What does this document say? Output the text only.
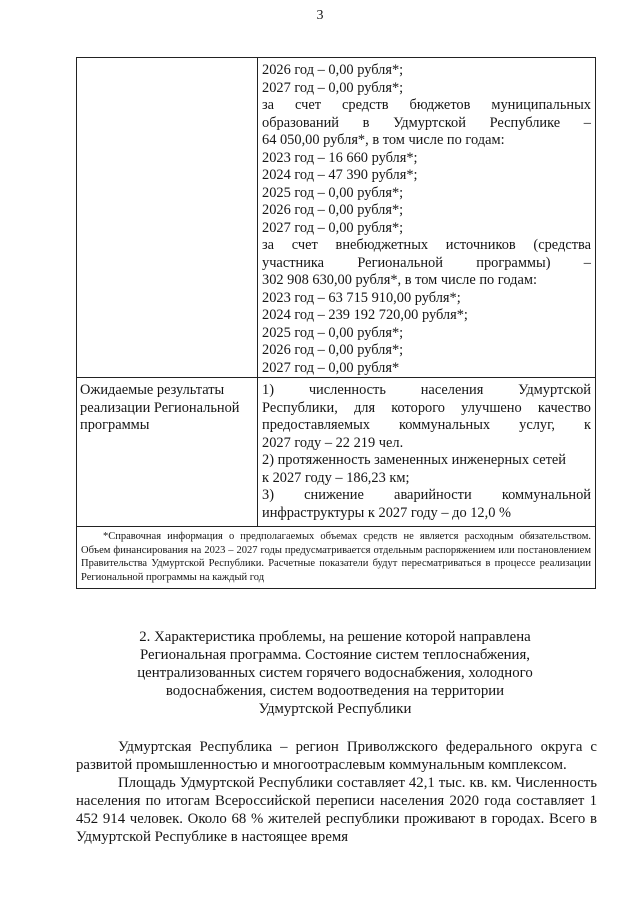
3
2026 год – 0,00 рубля*;
2027 год – 0,00 рубля*;
за счет средств бюджетов муниципальных
образований в Удмуртской Республике –
64 050,00 рубля*, в том числе по годам:
2023 год – 16 660 рубля*;
2024 год – 47 390 рубля*;
2025 год – 0,00 рубля*;
2026 год – 0,00 рубля*;
2027 год – 0,00 рубля*;
за счет внебюджетных источников (средства
участника Региональной программы) –
302 908 630,00 рубля*, в том числе по годам:
2023 год – 63 715 910,00 рубля*;
2024 год – 239 192 720,00 рубля*;
2025 год – 0,00 рубля*;
2026 год – 0,00 рубля*;
2027 год – 0,00 рубля*
Ожидаемые результаты реализации Региональной программы
1) численность населения Удмуртской
Республики, для которого улучшено качество
предоставляемых коммунальных услуг, к
2027 году – 22 219 чел.
2) протяженность замененных инженерных сетей
к 2027 году – 186,23 км;
3) снижение аварийности коммунальной
инфраструктуры к 2027 году – до 12,0 %
*Справочная информация о предполагаемых объемах средств не является расходным обязательством. Объем финансирования на 2023 – 2027 годы предусматривается отдельным распоряжением или постановлением Правительства Удмуртской Республики. Расчетные показатели будут пересматриваться в процессе реализации Региональной программы на каждый год
2. Характеристика проблемы, на решение которой направлена
Региональная программа. Состояние систем теплоснабжения,
централизованных систем горячего водоснабжения, холодного
водоснабжения, систем водоотведения на территории
Удмуртской Республики

Удмуртская Республика – регион Приволжского федерального округа с развитой промышленностью и многоотраслевым коммунальным комплексом.

Площадь Удмуртской Республики составляет 42,1 тыс. кв. км. Численность населения по итогам Всероссийской переписи населения 2020 года составляет 1 452 914 человек. Около 68 % жителей республики проживают в городах. Всего в Удмуртской Республике в настоящее время
